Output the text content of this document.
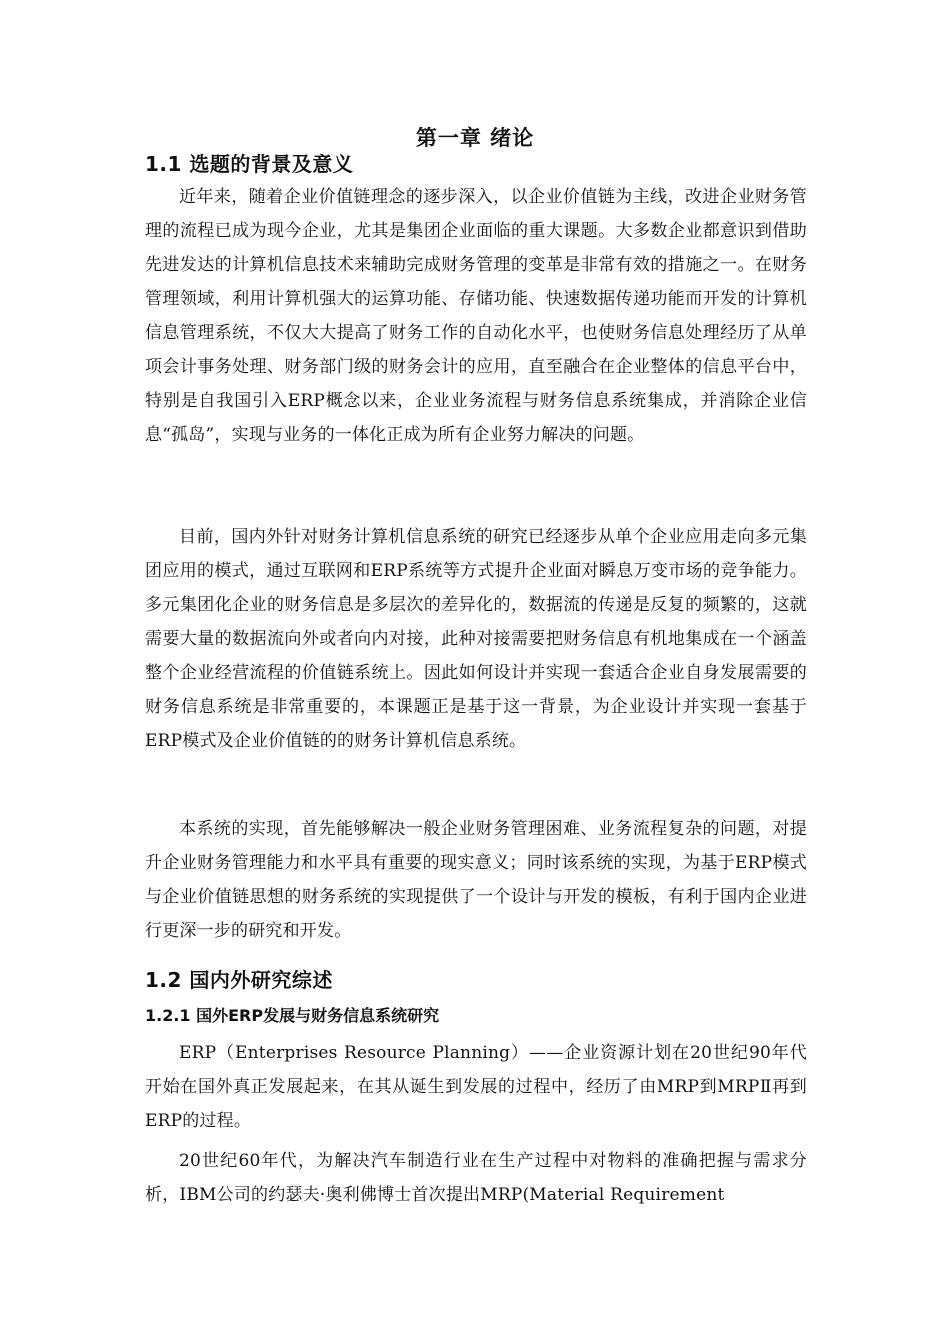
第一章 绪论
1.1 选题的背景及意义

近年来，随着企业价值链理念的逐步深入，以企业价值链为主线，改进企业财务管理的流程已成为现今企业，尤其是集团企业面临的重大课题。大多数企业都意识到借助先进发达的计算机信息技术来辅助完成财务管理的变革是非常有效的措施之一。在财务管理领域，利用计算机强大的运算功能、存储功能、快速数据传递功能而开发的计算机信息管理系统，不仅大大提高了财务工作的自动化水平，也使财务信息处理经历了从单项会计事务处理、财务部门级的财务会计的应用，直至融合在企业整体的信息平台中，特别是自我国引入ERP概念以来，企业业务流程与财务信息系统集成，并消除企业信息“孤岛”，实现与业务的一体化正成为所有企业努力解决的问题。

目前，国内外针对财务计算机信息系统的研究已经逐步从单个企业应用走向多元集团应用的模式，通过互联网和ERP系统等方式提升企业面对瞬息万变市场的竞争能力。多元集团化企业的财务信息是多层次的差异化的，数据流的传递是反复的频繁的，这就需要大量的数据流向外或者向内对接，此种对接需要把财务信息有机地集成在一个涵盖整个企业经营流程的价值链系统上。因此如何设计并实现一套适合企业自身发展需要的财务信息系统是非常重要的，本课题正是基于这一背景，为企业设计并实现一套基于ERP模式及企业价值链的的财务计算机信息系统。

本系统的实现，首先能够解决一般企业财务管理困难、业务流程复杂的问题，对提升企业财务管理能力和水平具有重要的现实意义；同时该系统的实现，为基于ERP模式与企业价值链思想的财务系统的实现提供了一个设计与开发的模板，有利于国内企业进行更深一步的研究和开发。

1.2 国内外研究综述
1.2.1 国外ERP发展与财务信息系统研究

ERP（Enterprises Resource Planning）——企业资源计划在20世纪90年代开始在国外真正发展起来，在其从诞生到发展的过程中，经历了由MRP到MRPⅡ再到ERP的过程。

20世纪60年代，为解决汽车制造行业在生产过程中对物料的准确把握与需求分析，IBM公司的约瑟夫·奥利佛博士首次提出MRP(Material Requirement
